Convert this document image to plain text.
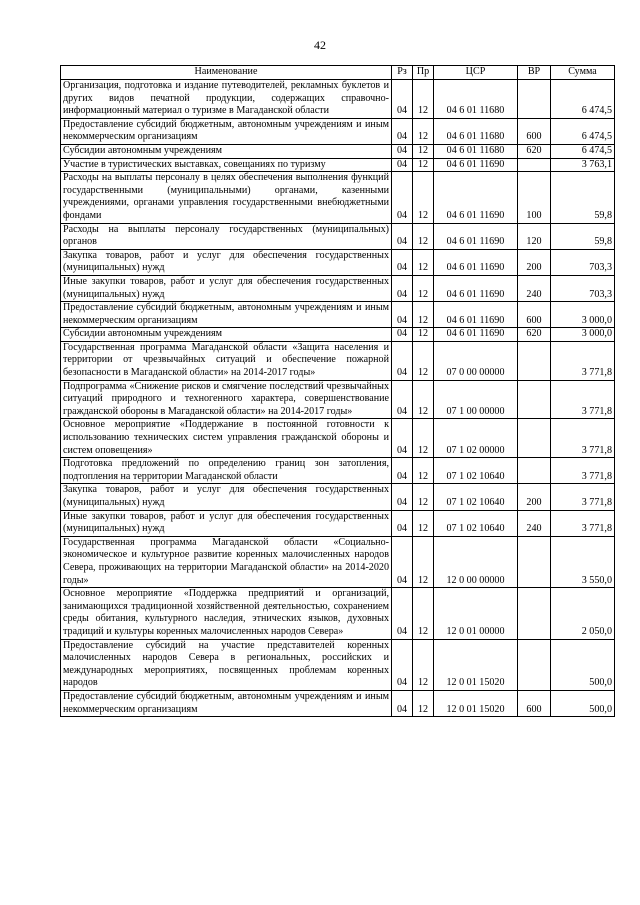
42
Наименование	Рз	Пр	ЦСР	ВР	Сумма
Организация, подготовка и издание путеводителей, рекламных буклетов и других видов печатной продукции, содержащих справочно-информационный материал о туризме в Магаданской области	04	12	04 6 01 11680		6 474,5
Предоставление субсидий бюджетным, автономным учреждениям и иным некоммерческим организациям	04	12	04 6 01 11680	600	6 474,5
Субсидии автономным учреждениям	04	12	04 6 01 11680	620	6 474,5
Участие в туристических выставках, совещаниях по туризму	04	12	04 6 01 11690		3 763,1
Расходы на выплаты персоналу в целях обеспечения выполнения функций государственными (муниципальными) органами, казенными учреждениями, органами управления государственными внебюджетными фондами	04	12	04 6 01 11690	100	59,8
Расходы на выплаты персоналу государственных (муниципальных) органов	04	12	04 6 01 11690	120	59,8
Закупка товаров, работ и услуг для обеспечения государственных (муниципальных) нужд	04	12	04 6 01 11690	200	703,3
Иные закупки товаров, работ и услуг для обеспечения государственных (муниципальных) нужд	04	12	04 6 01 11690	240	703,3
Предоставление субсидий бюджетным, автономным учреждениям и иным некоммерческим организациям	04	12	04 6 01 11690	600	3 000,0
Субсидии автономным учреждениям	04	12	04 6 01 11690	620	3 000,0
Государственная программа Магаданской области «Защита населения и территории от чрезвычайных ситуаций и обеспечение пожарной безопасности в Магаданской области» на 2014-2017 годы»	04	12	07 0 00 00000		3 771,8
Подпрограмма «Снижение рисков и смягчение последствий чрезвычайных ситуаций природного и техногенного характера, совершенствование гражданской обороны в Магаданской области» на 2014-2017 годы»	04	12	07 1 00 00000		3 771,8
Основное мероприятие «Поддержание в постоянной готовности к использованию технических систем управления гражданской обороны и систем оповещения»	04	12	07 1 02 00000		3 771,8
Подготовка предложений по определению границ зон затопления, подтопления на территории Магаданской области	04	12	07 1 02 10640		3 771,8
Закупка товаров, работ и услуг для обеспечения государственных (муниципальных) нужд	04	12	07 1 02 10640	200	3 771,8
Иные закупки товаров, работ и услуг для обеспечения государственных (муниципальных) нужд	04	12	07 1 02 10640	240	3 771,8
Государственная программа Магаданской области «Социально-экономическое и культурное развитие коренных малочисленных народов Севера, проживающих на территории Магаданской области» на 2014-2020 годы»	04	12	12 0 00 00000		3 550,0
Основное мероприятие «Поддержка предприятий и организаций, занимающихся традиционной хозяйственной деятельностью, сохранением среды обитания, культурного наследия, этнических языков, духовных традиций и культуры коренных малочисленных народов Севера»	04	12	12 0 01 00000		2 050,0
Предоставление субсидий на участие представителей коренных малочисленных народов Севера в региональных, российских и международных мероприятиях, посвященных проблемам коренных народов	04	12	12 0 01 15020		500,0
Предоставление субсидий бюджетным, автономным учреждениям и иным некоммерческим организациям	04	12	12 0 01 15020	600	500,0
